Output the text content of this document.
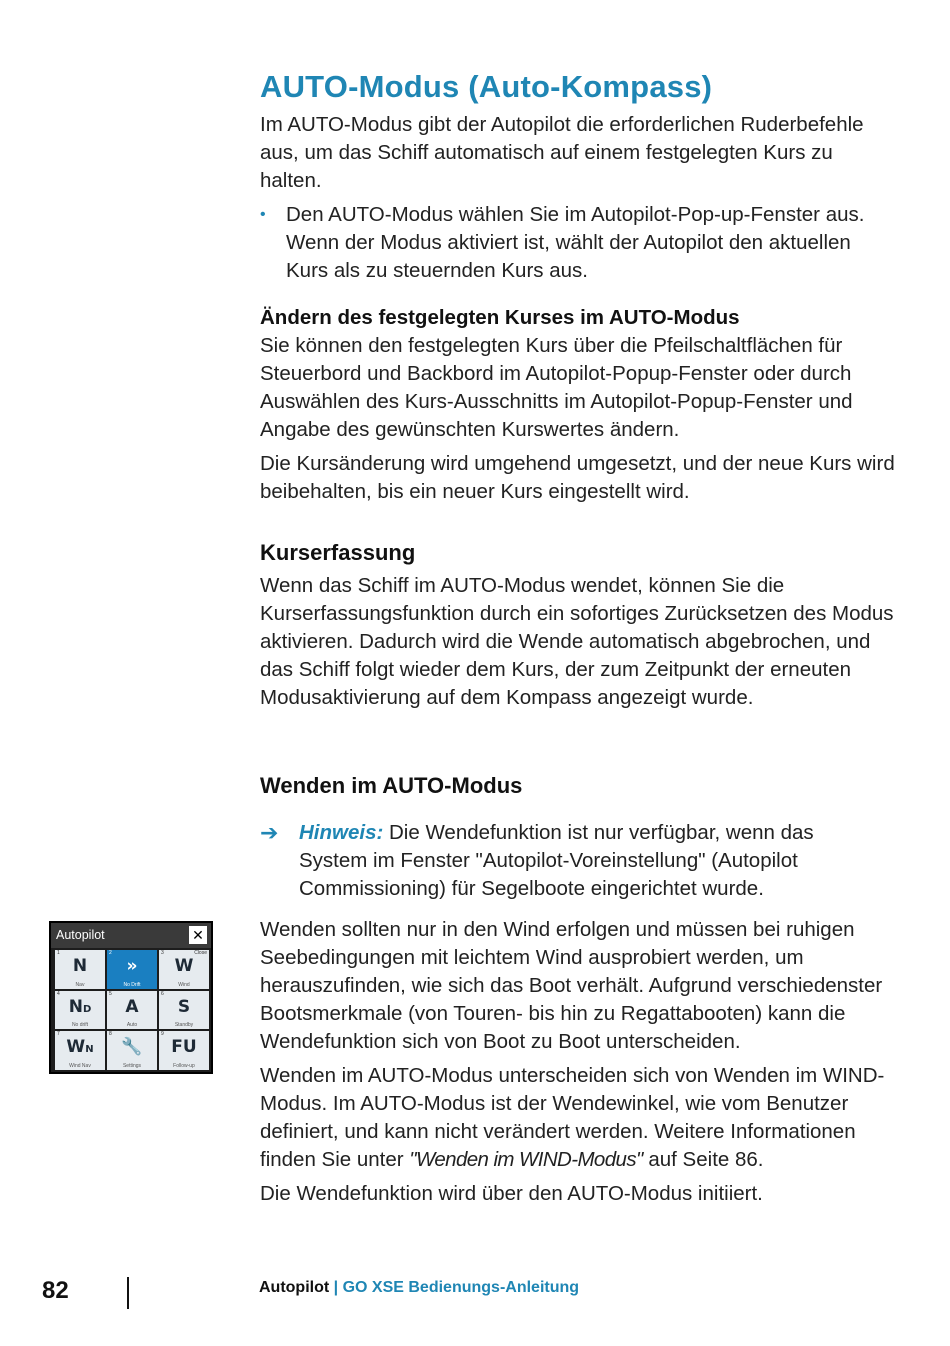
AUTO-Modus (Auto-Kompass)

Im AUTO-Modus gibt der Autopilot die erforderlichen Ruderbefehle aus, um das Schiff automatisch auf einem festgelegten Kurs zu halten.

• Den AUTO-Modus wählen Sie im Autopilot-Pop-up-Fenster aus. Wenn der Modus aktiviert ist, wählt der Autopilot den aktuellen Kurs als zu steuernden Kurs aus.

Ändern des festgelegten Kurses im AUTO-Modus

Sie können den festgelegten Kurs über die Pfeilschaltflächen für Steuerbord und Backbord im Autopilot-Popup-Fenster oder durch Auswählen des Kurs-Ausschnitts im Autopilot-Popup-Fenster und Angabe des gewünschten Kurswertes ändern.

Die Kursänderung wird umgehend umgesetzt, und der neue Kurs wird beibehalten, bis ein neuer Kurs eingestellt wird.

Kurserfassung

Wenn das Schiff im AUTO-Modus wendet, können Sie die Kurserfassungsfunktion durch ein sofortiges Zurücksetzen des Modus aktivieren. Dadurch wird die Wende automatisch abgebrochen, und das Schiff folgt wieder dem Kurs, der zum Zeitpunkt der erneuten Modusaktivierung auf dem Kompass angezeigt wurde.

Wenden im AUTO-Modus
➔ Hinweis: Die Wendefunktion ist nur verfügbar, wenn das System im Fenster "Autopilot-Voreinstellung" (Autopilot Commissioning) für Segelboote eingerichtet wurde.

Wenden sollten nur in den Wind erfolgen und müssen bei ruhigen Seebedingungen mit leichtem Wind ausprobiert werden, um herauszufinden, wie sich das Boot verhält. Aufgrund verschiedenster Bootsmerkmale (von Touren- bis hin zu Regattabooten) kann die Wendefunktion sich von Boot zu Boot unterscheiden.

Wenden im AUTO-Modus unterscheiden sich von Wenden im WIND-Modus. Im AUTO-Modus ist der Wendewinkel, wie vom Benutzer definiert, und kann nicht verändert werden. Weitere Informationen finden Sie unter "Wenden im WIND-Modus" auf Seite 86.

Die Wendefunktion wird über den AUTO-Modus initiiert.

Autopilot	✕
1
N
Nav
2
»
No Drift
3	Close
W
Wind
4
ND
No drift
5
A
Auto
6
S
Standby
7
WN
Wind Nav
8
🔧
Settings
9
FU
Follow-up
82	Autopilot | GO XSE Bedienungs-Anleitung
